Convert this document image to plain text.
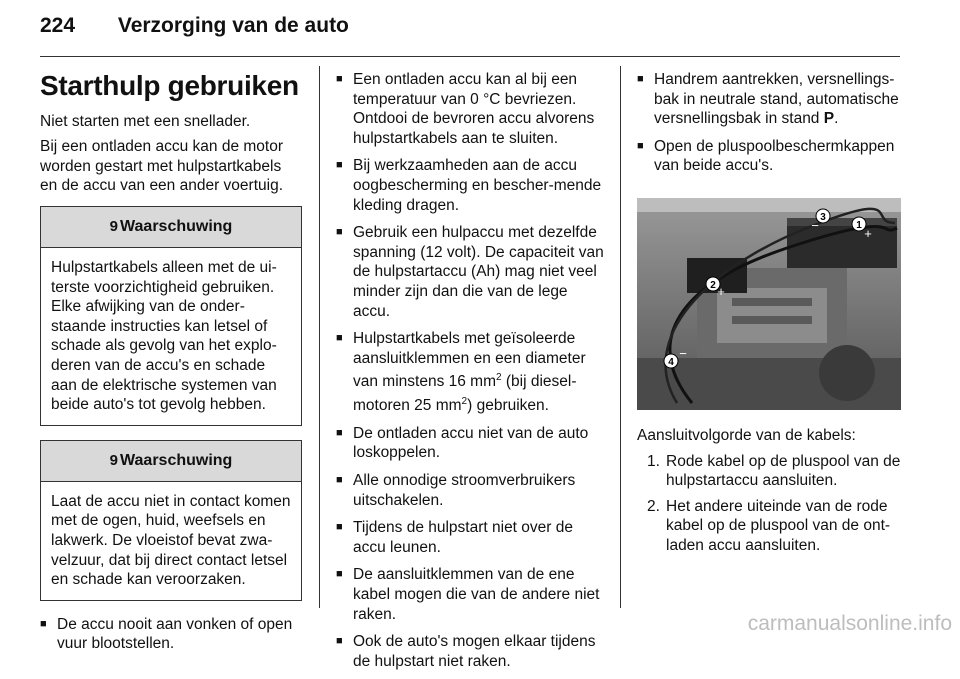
224 Verzorging van de auto
Starthulp gebruiken

Niet starten met een snellader.

Bij een ontladen accu kan de motor worden gestart met hulpstartkabels en de accu van een ander voertuig.

9 Waarschuwing
Hulpstartkabels alleen met de ui-terste voorzichtigheid gebruiken. Elke afwijking van de onder-staande instructies kan letsel of schade als gevolg van het explo-deren van de accu's en schade aan de elektrische systemen van beide auto's tot gevolg hebben.
9 Waarschuwing
Laat de accu niet in contact komen met de ogen, huid, weefsels en lakwerk. De vloeistof bevat zwa-velzuur, dat bij direct contact letsel en schade kan veroorzaken.
■ De accu nooit aan vonken of open vuur blootstellen.
■ Een ontladen accu kan al bij een temperatuur van 0 °C bevriezen. Ontdooi de bevroren accu alvorens hulpstartkabels aan te sluiten.
■ Bij werkzaamheden aan de accu oogbescherming en bescher-mende kleding dragen.
■ Gebruik een hulpaccu met dezelfde spanning (12 volt). De capaciteit van de hulpstartaccu (Ah) mag niet veel minder zijn dan die van de lege accu.
■ Hulpstartkabels met geïsoleerde aansluitklemmen en een diameter van minstens 16 $mm^2$ (bij diesel-motoren 25 $mm^2$) gebruiken.
■ De ontladen accu niet van de auto loskoppelen.
■ Alle onnodige stroomverbruikers uitschakelen.
■ Tijdens de hulpstart niet over de accu leunen.
■ De aansluitklemmen van de ene kabel mogen die van de andere niet raken.
■ Ook de auto's mogen elkaar tijdens de hulpstart niet raken.
■ Handrem aantrekken, versnellings-bak in neutrale stand, automatische versnellingsbak in stand P.
■ Open de pluspoolbeschermkappen van beide accu's.
1
+
2 +
3
−
4
−

Aansluitvolgorde van de kabels:

1. Rode kabel op de pluspool van de hulpstartaccu aansluiten.
2. Het andere uiteinde van de rode kabel op de pluspool van de ont-laden accu aansluiten.
carmanualsonline.info
